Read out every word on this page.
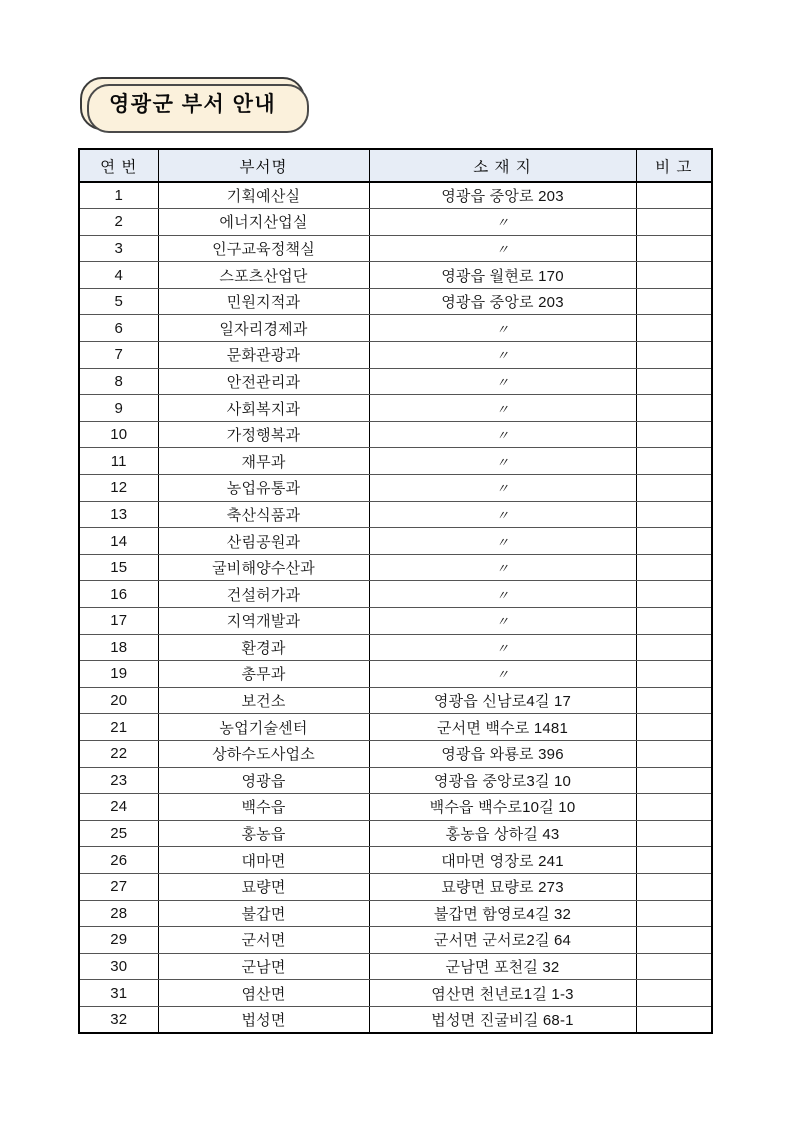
영광군 부서 안내
연 번	부서명	소 재 지	비 고
1	기획예산실	영광읍 중앙로 203	
2	에너지산업실	〃	
3	인구교육정책실	〃	
4	스포츠산업단	영광읍 월현로 170	
5	민원지적과	영광읍 중앙로 203	
6	일자리경제과	〃	
7	문화관광과	〃	
8	안전관리과	〃	
9	사회복지과	〃	
10	가정행복과	〃	
11	재무과	〃	
12	농업유통과	〃	
13	축산식품과	〃	
14	산림공원과	〃	
15	굴비해양수산과	〃	
16	건설허가과	〃	
17	지역개발과	〃	
18	환경과	〃	
19	총무과	〃	
20	보건소	영광읍 신남로4길 17	
21	농업기술센터	군서면 백수로 1481	
22	상하수도사업소	영광읍 와룡로 396	
23	영광읍	영광읍 중앙로3길 10	
24	백수읍	백수읍 백수로10길 10	
25	홍농읍	홍농읍 상하길 43	
26	대마면	대마면 영장로 241	
27	묘량면	묘량면 묘량로 273	
28	불갑면	불갑면 함영로4길 32	
29	군서면	군서면 군서로2길 64	
30	군남면	군남면 포천길 32	
31	염산면	염산면 천년로1길 1-3	
32	법성면	법성면 진굴비길 68-1	
